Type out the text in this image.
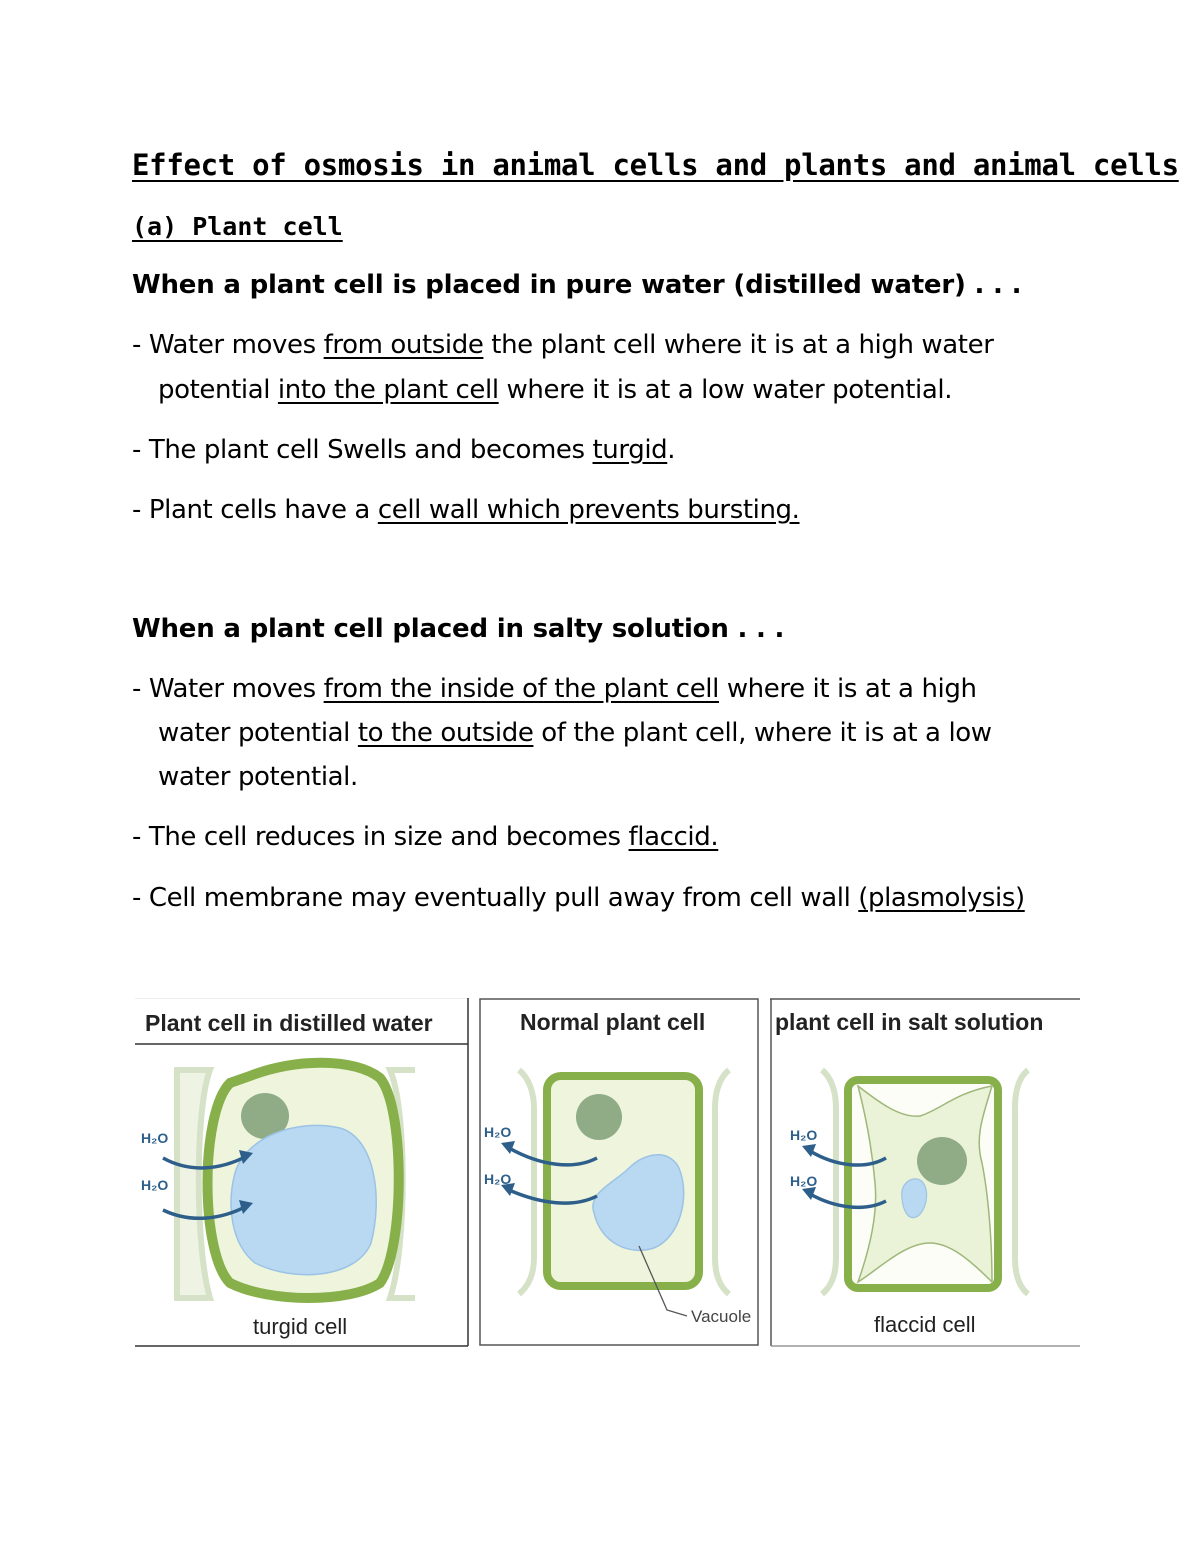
Effect of osmosis in animal cells and plants and animal cells
(a) Plant cell
When a plant cell is placed in pure water (distilled water) . . .
- Water moves from outside the plant cell where it is at a high water
potential into the plant cell where it is at a low water potential.
- The plant cell Swells and becomes turgid.
- Plant cells have a cell wall which prevents bursting.
When a plant cell placed in salty solution . . .
- Water moves from the inside of the plant cell where it is at a high
water potential to the outside of the plant cell, where it is at a low
water potential.
- The cell reduces in size and becomes flaccid.
- Cell membrane may eventually pull away from cell wall (plasmolysis)
Plant cell in distilled water
H₂O
H₂O
turgid cell
Normal plant cell
H₂O
H₂O
Vacuole
plant cell in salt solution
H₂O
H₂O
flaccid cell
